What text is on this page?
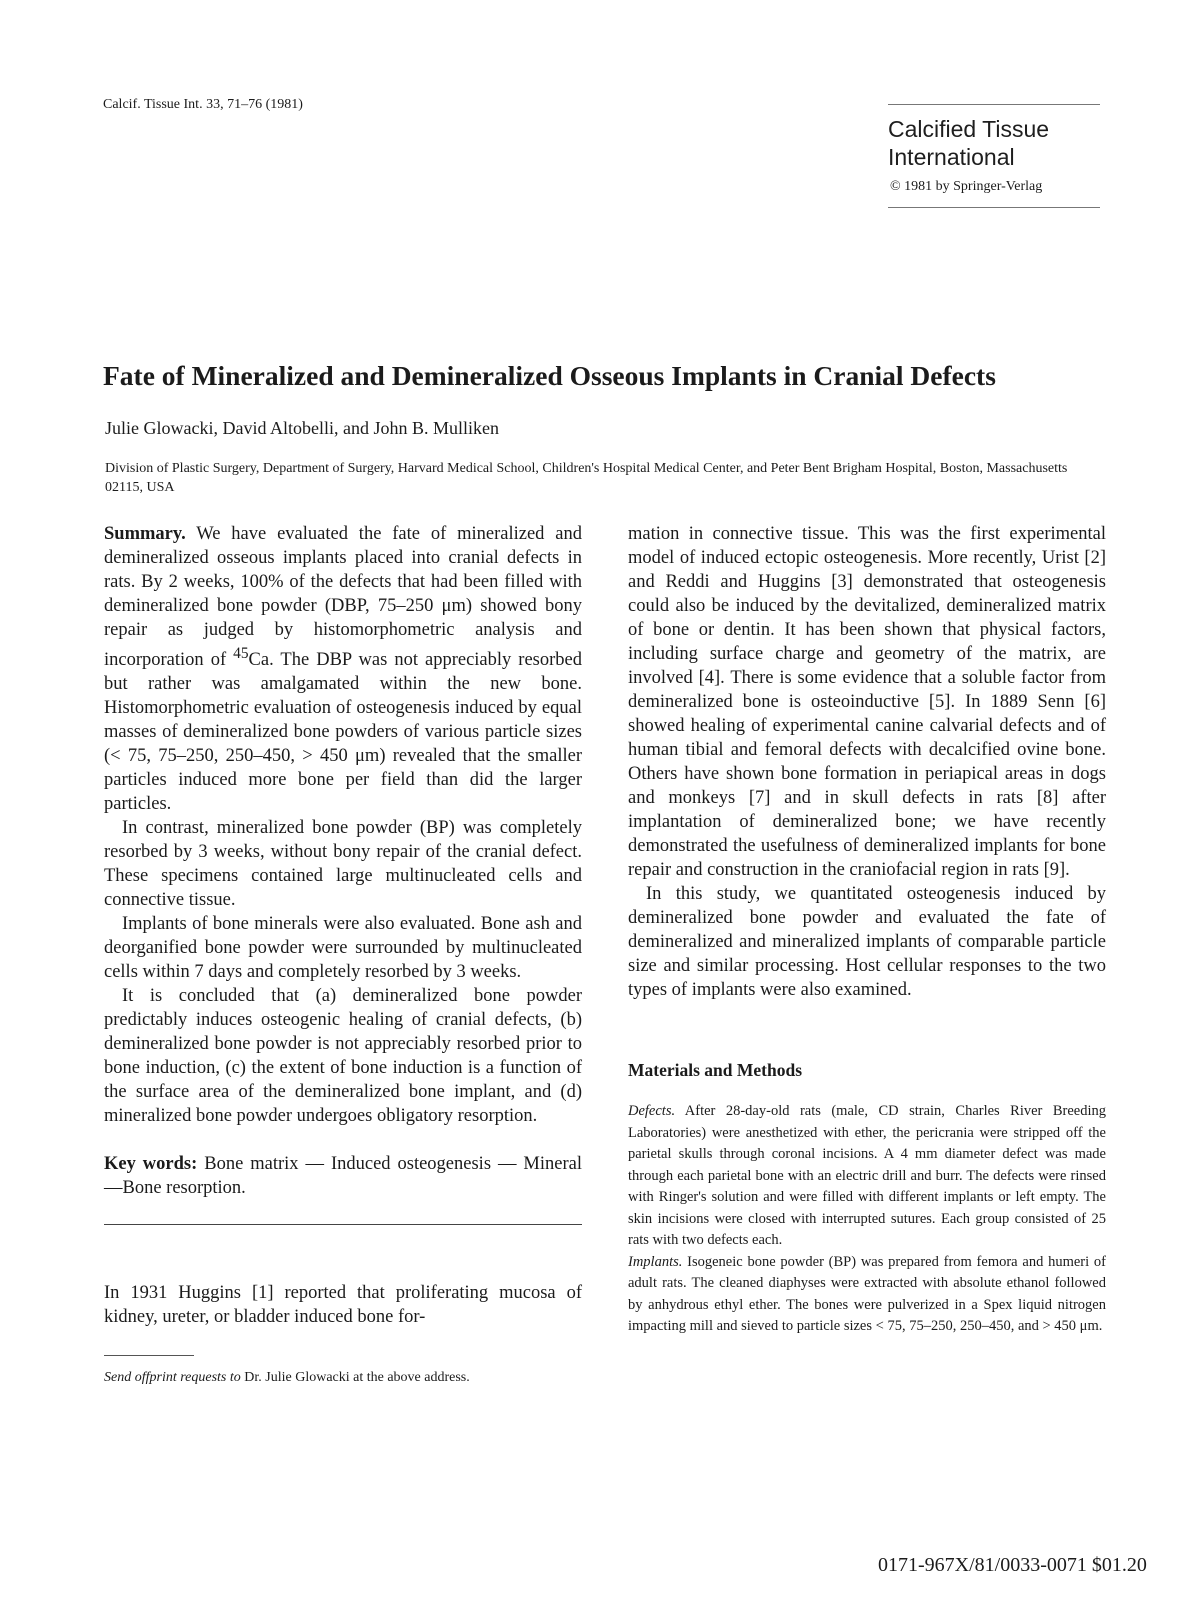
Calcif. Tissue Int. 33, 71–76 (1981)
Calcified Tissue
International
© 1981 by Springer-Verlag
Fate of Mineralized and Demineralized Osseous Implants in Cranial Defects
Julie Glowacki, David Altobelli, and John B. Mulliken
Division of Plastic Surgery, Department of Surgery, Harvard Medical School, Children's Hospital Medical Center, and Peter Bent Brigham Hospital, Boston, Massachusetts 02115, USA

Summary. We have evaluated the fate of mineralized and demineralized osseous implants placed into cranial defects in rats. By 2 weeks, 100% of the defects that had been filled with demineralized bone powder (DBP, 75–250 μm) showed bony repair as judged by histomorphometric analysis and incorporation of $^{45}$Ca. The DBP was not appreciably resorbed but rather was amalgamated within the new bone. Histomorphometric evaluation of osteogenesis induced by equal masses of demineralized bone powders of various particle sizes (< 75, 75–250, 250–450, > 450 μm) revealed that the smaller particles induced more bone per field than did the larger particles.

In contrast, mineralized bone powder (BP) was completely resorbed by 3 weeks, without bony repair of the cranial defect. These specimens contained large multinucleated cells and connective tissue.

Implants of bone minerals were also evaluated. Bone ash and deorganified bone powder were surrounded by multinucleated cells within 7 days and completely resorbed by 3 weeks.

It is concluded that (a) demineralized bone powder predictably induces osteogenic healing of cranial defects, (b) demineralized bone powder is not appreciably resorbed prior to bone induction, (c) the extent of bone induction is a function of the surface area of the demineralized bone implant, and (d) mineralized bone powder undergoes obligatory resorption.

Key words: Bone matrix — Induced osteogenesis — Mineral —Bone resorption.

In 1931 Huggins [1] reported that proliferating mucosa of kidney, ureter, or bladder induced bone for-

Send offprint requests to Dr. Julie Glowacki at the above address.

mation in connective tissue. This was the first experimental model of induced ectopic osteogenesis. More recently, Urist [2] and Reddi and Huggins [3] demonstrated that osteogenesis could also be induced by the devitalized, demineralized matrix of bone or dentin. It has been shown that physical factors, including surface charge and geometry of the matrix, are involved [4]. There is some evidence that a soluble factor from demineralized bone is osteoinductive [5]. In 1889 Senn [6] showed healing of experimental canine calvarial defects and of human tibial and femoral defects with decalcified ovine bone. Others have shown bone formation in periapical areas in dogs and monkeys [7] and in skull defects in rats [8] after implantation of demineralized bone; we have recently demonstrated the usefulness of demineralized implants for bone repair and construction in the craniofacial region in rats [9].

In this study, we quantitated osteogenesis induced by demineralized bone powder and evaluated the fate of demineralized and mineralized implants of comparable particle size and similar processing. Host cellular responses to the two types of implants were also examined.

Materials and Methods

Defects. After 28-day-old rats (male, CD strain, Charles River Breeding Laboratories) were anesthetized with ether, the pericrania were stripped off the parietal skulls through coronal incisions. A 4 mm diameter defect was made through each parietal bone with an electric drill and burr. The defects were rinsed with Ringer's solution and were filled with different implants or left empty. The skin incisions were closed with interrupted sutures. Each group consisted of 25 rats with two defects each.

Implants. Isogeneic bone powder (BP) was prepared from femora and humeri of adult rats. The cleaned diaphyses were extracted with absolute ethanol followed by anhydrous ethyl ether. The bones were pulverized in a Spex liquid nitrogen impacting mill and sieved to particle sizes < 75, 75–250, 250–450, and > 450 μm.

0171-967X/81/0033-0071 $01.20
